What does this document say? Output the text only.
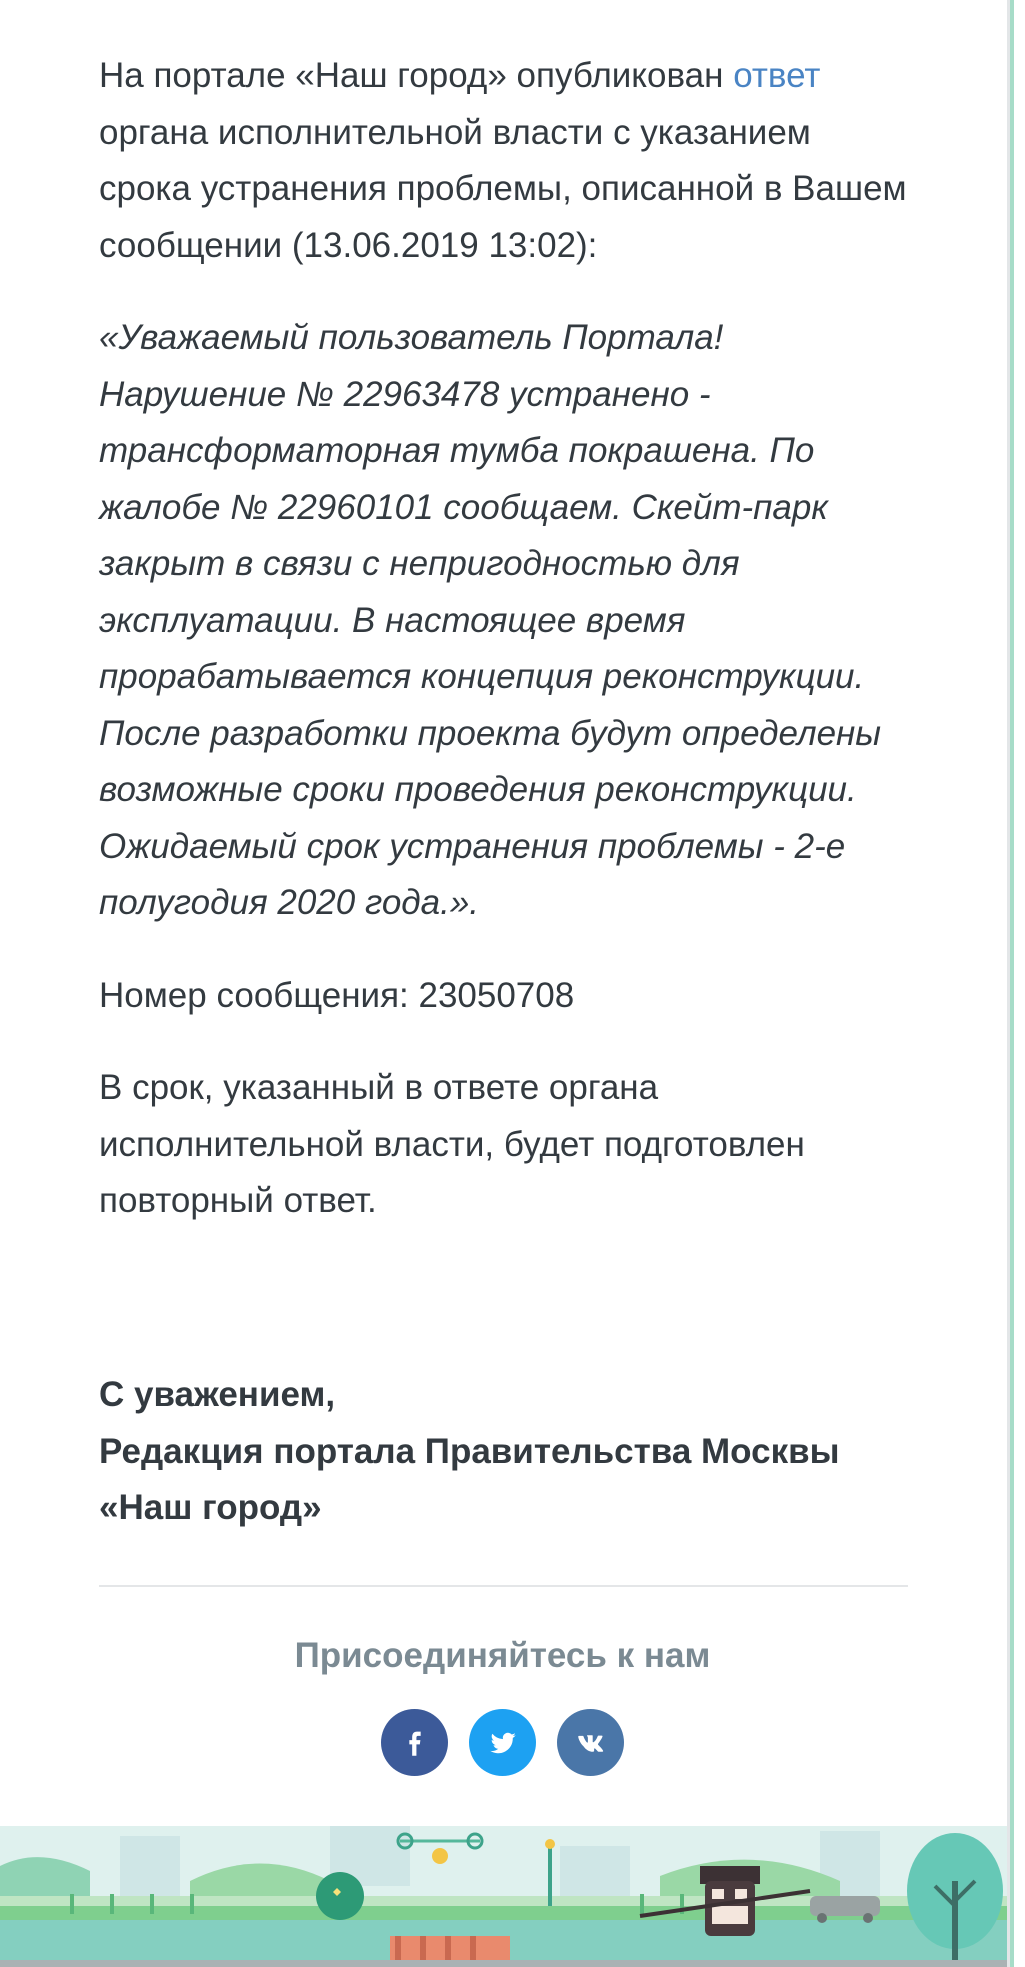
На портале «Наш город» опубликован ответ органа исполнительной власти с указанием срока устранения проблемы, описанной в Вашем сообщении (13.06.2019 13:02):

«Уважаемый пользователь Портала! Нарушение № 22963478 устранено - трансформаторная тумба покрашена. По жалобе № 22960101 сообщаем. Скейт-парк закрыт в связи с непригодностью для эксплуатации. В настоящее время прорабатывается концепция реконструкции. После разработки проекта будут определены возможные сроки проведения реконструкции. Ожидаемый срок устранения проблемы - 2-е полугодия 2020 года.».

Номер сообщения: 23050708

В срок, указанный в ответе органа исполнительной власти, будет подготовлен повторный ответ.

С уважением,
Редакция портала Правительства Москвы
«Наш город»
Присоединяйтесь к нам
